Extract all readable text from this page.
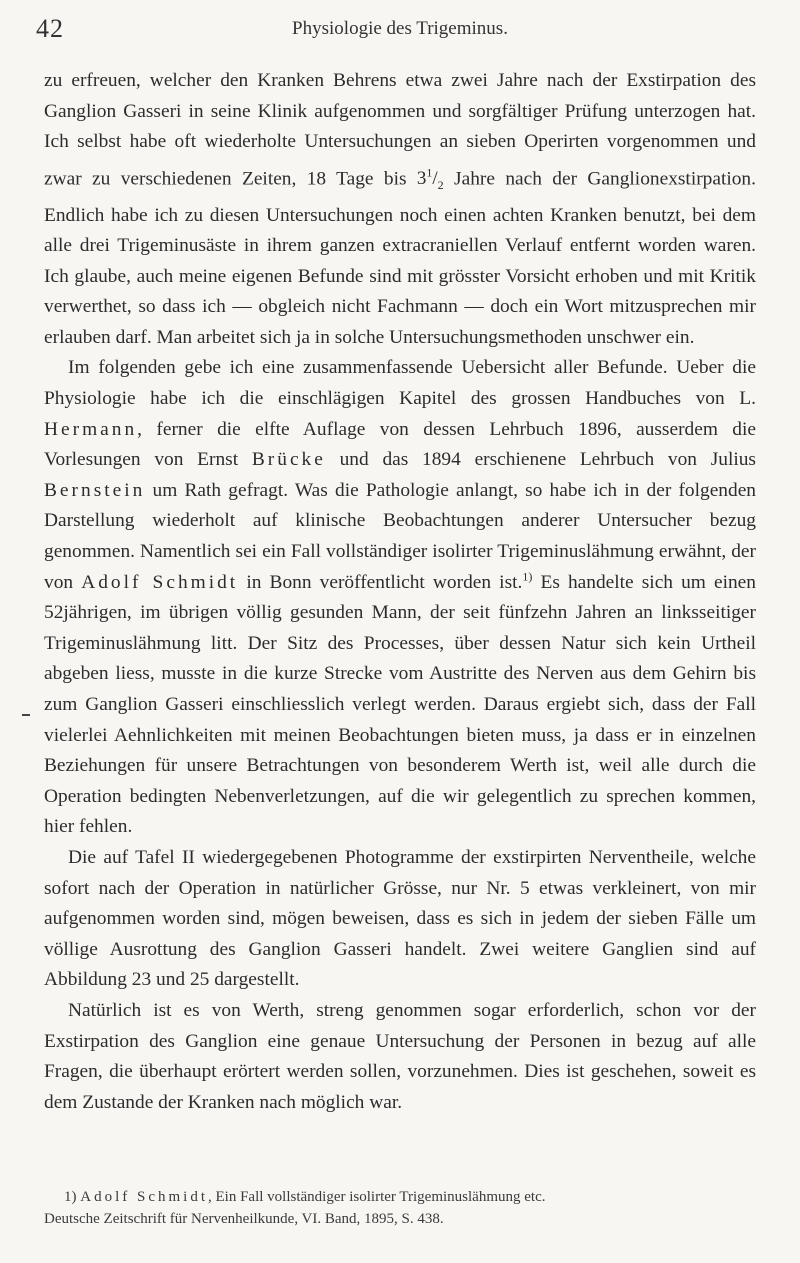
42	Physiologie des Trigeminus.

zu erfreuen, welcher den Kranken Behrens etwa zwei Jahre nach der Exstirpation des Ganglion Gasseri in seine Klinik aufgenommen und sorgfältiger Prüfung unterzogen hat. Ich selbst habe oft wiederholte Untersuchungen an sieben Operirten vorgenommen und zwar zu verschiedenen Zeiten, 18 Tage bis $3^1/_2$ Jahre nach der Ganglionexstirpation. Endlich habe ich zu diesen Untersuchungen noch einen achten Kranken benutzt, bei dem alle drei Trigeminusäste in ihrem ganzen extracraniellen Verlauf entfernt worden waren. Ich glaube, auch meine eigenen Befunde sind mit grösster Vorsicht erhoben und mit Kritik verwerthet, so dass ich — obgleich nicht Fachmann — doch ein Wort mitzusprechen mir erlauben darf. Man arbeitet sich ja in solche Untersuchungsmethoden unschwer ein.

Im folgenden gebe ich eine zusammenfassende Uebersicht aller Befunde. Ueber die Physiologie habe ich die einschlägigen Kapitel des grossen Handbuches von L. Hermann, ferner die elfte Auflage von dessen Lehrbuch 1896, ausserdem die Vorlesungen von Ernst Brücke und das 1894 erschienene Lehrbuch von Julius Bernstein um Rath gefragt. Was die Pathologie anlangt, so habe ich in der folgenden Darstellung wiederholt auf klinische Beobachtungen anderer Untersucher bezug genommen. Namentlich sei ein Fall vollständiger isolirter Trigeminuslähmung erwähnt, der von Adolf Schmidt in Bonn veröffentlicht worden ist.$^{1)}$ Es handelte sich um einen 52jährigen, im übrigen völlig gesunden Mann, der seit fünfzehn Jahren an linksseitiger Trigeminuslähmung litt. Der Sitz des Processes, über dessen Natur sich kein Urtheil abgeben liess, musste in die kurze Strecke vom Austritte des Nerven aus dem Gehirn bis zum Ganglion Gasseri einschliesslich verlegt werden. Daraus ergiebt sich, dass der Fall vielerlei Aehnlichkeiten mit meinen Beobachtungen bieten muss, ja dass er in einzelnen Beziehungen für unsere Betrachtungen von besonderem Werth ist, weil alle durch die Operation bedingten Nebenverletzungen, auf die wir gelegentlich zu sprechen kommen, hier fehlen.

Die auf Tafel II wiedergegebenen Photogramme der exstirpirten Nerventheile, welche sofort nach der Operation in natürlicher Grösse, nur Nr. 5 etwas verkleinert, von mir aufgenommen worden sind, mögen beweisen, dass es sich in jedem der sieben Fälle um völlige Ausrottung des Ganglion Gasseri handelt. Zwei weitere Ganglien sind auf Abbildung 23 und 25 dargestellt.

Natürlich ist es von Werth, streng genommen sogar erforderlich, schon vor der Exstirpation des Ganglion eine genaue Untersuchung der Personen in bezug auf alle Fragen, die überhaupt erörtert werden sollen, vorzunehmen. Dies ist geschehen, soweit es dem Zustande der Kranken nach möglich war.

1) Adolf Schmidt, Ein Fall vollständiger isolirter Trigeminuslähmung etc.

Deutsche Zeitschrift für Nervenheilkunde, VI. Band, 1895, S. 438.
